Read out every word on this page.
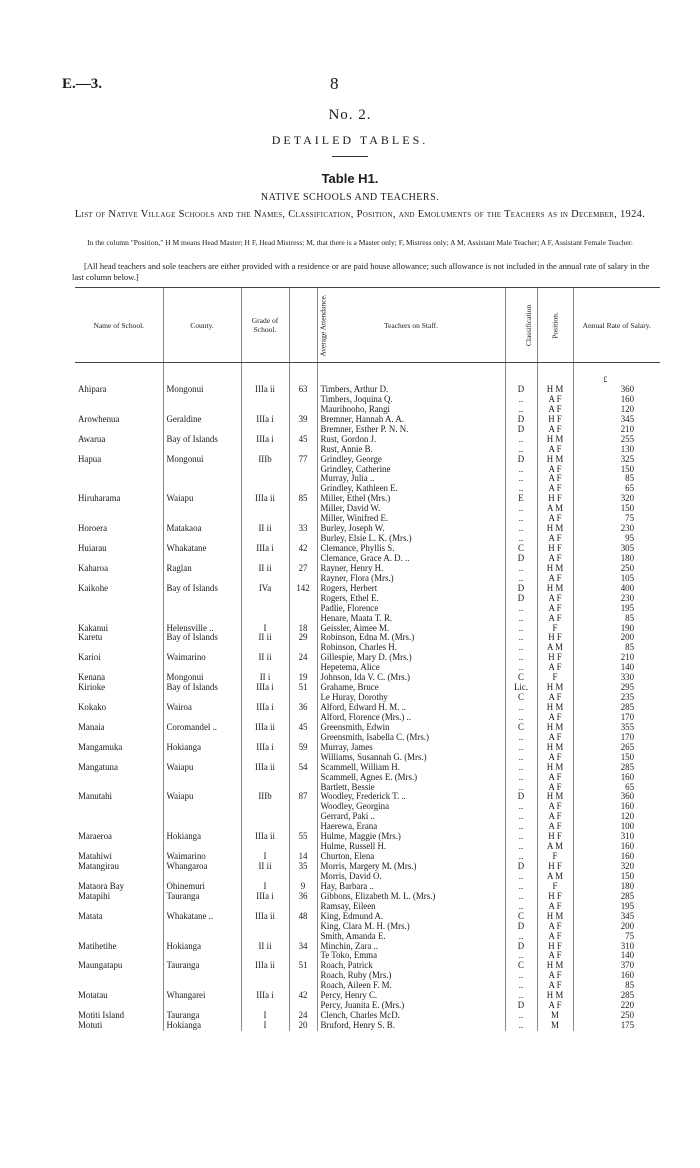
E.—3.	8
No. 2.
DETAILED TABLES.
Table H1.
NATIVE SCHOOLS AND TEACHERS.
List of Native Village Schools and the Names, Classification, Position, and Emoluments of the Teachers as in December, 1924.
In the column "Position," H M means Head Master; H F, Head Mistress; M, that there is a Master only; F, Mistress only; A M, Assistant Male Teacher; A F, Assistant Female Teacher.
[All head teachers and sole teachers are either provided with a residence or are paid house allowance; such allowance is not included in the annual rate of salary in the last column below.]
Name of School.	County.	Grade of School.	Average Attendance.	Teachers on Staff.	Classification	Position.	Annual Rate of Salary.
							£
Ahipara	Mongonui	IIIa ii	63	Timbers, Arthur D.	D	H M	360
				Timbers, Joquina Q.	..	A F	160
				Maurihooho, Rangi	..	A F	120
Arowhenua	Geraldine	IIIa i	39	Bremner, Hannah A. A.	D	H F	345
				Bremner, Esther P. N. N.	D	A F	210
Awarua	Bay of Islands	IIIa i	45	Rust, Gordon J.	..	H M	255
				Rust, Annie B.	..	A F	130
Hapua	Mongonui	IIIb	77	Grindley, George	D	H M	325
				Grindley, Catherine	..	A F	150
				Murray, Julia ..	..	A F	85
				Grindley, Kathleen E.	..	A F	65
Hiruharama	Waiapu	IIIa ii	85	Miller, Ethel (Mrs.)	E	H F	320
				Miller, David W.	..	A M	150
				Miller, Winifred E.	..	A F	75
Horoera	Matakaoa	II ii	33	Burley, Joseph W.	..	H M	230
				Burley, Elsie L. K. (Mrs.)	..	A F	95
Huiarau	Whakatane	IIIa i	42	Clemance, Phyllis S.	C	H F	305
				Clemance, Grace A. D. ..	D	A F	180
Kaharoa	Raglan	II ii	27	Rayner, Henry H.	..	H M	250
				Rayner, Flora (Mrs.)	..	A F	105
Kaikohe	Bay of Islands	IVa	142	Rogers, Herbert	D	H M	400
				Rogers, Ethel E.	D	A F	230
				Padlie, Florence	..	A F	195
				Henare, Maata T. R.	..	A F	85
Kakanui	Helensville ..	I	18	Geissler, Aimee M.	..	F	190
Karetu	Bay of Islands	II ii	29	Robinson, Edna M. (Mrs.)	..	H F	200
				Robinson, Charles H.	..	A M	85
Karioi	Waimarino	II ii	24	Gillespie, Mary D. (Mrs.)	..	H F	210
				Hepetema, Alice	..	A F	140
Kenana	Mongonui	II i	19	Johnson, Ida V. C. (Mrs.)	C	F	330
Kirioke	Bay of Islands	IIIa i	51	Grahame, Bruce	Lic.	H M	295
				Le Huray, Dorothy	C	A F	235
Kokako	Wairoa	IIIa i	36	Alford, Edward H. M. ..	..	H M	285
				Alford, Florence (Mrs.) ..	..	A F	170
Manaia	Coromandel ..	IIIa ii	45	Greensmith, Edwin	C	H M	355
				Greensmith, Isabella C. (Mrs.)	..	A F	170
Mangamuka	Hokianga	IIIa i	59	Murray, James	..	H M	265
				Williams, Susannah G. (Mrs.)	..	A F	150
Mangatuna	Waiapu	IIIa ii	54	Scammell, William H.	..	H M	285
				Scammell, Agnes E. (Mrs.)	..	A F	160
				Bartlett, Bessie	..	A F	65
Manutahi	Waiapu	IIIb	87	Woodley, Frederick T. ..	D	H M	360
				Woodley, Georgina	..	A F	160
				Gerrard, Paki ..	..	A F	120
				Haerewa, Erana	..	A F	100
Maraeroa	Hokianga	IIIa ii	55	Hulme, Maggie (Mrs.)	..	H F	310
				Hulme, Russell H.	..	A M	160
Matahiwi	Waimarino	I	14	Churton, Elena	..	F	160
Matangirau	Whangaroa	II ii	35	Morris, Margery M. (Mrs.)	D	H F	320
				Morris, David O.	..	A M	150
Mataora Bay	Ohinemuri	I	9	Hay, Barbara ..	..	F	180
Matapihi	Tauranga	IIIa i	36	Gibbons, Elizabeth M. L. (Mrs.)	..	H F	285
				Ramsay, Eileen	..	A F	195
Matata	Whakatane ..	IIIa ii	48	King, Edmund A.	C	H M	345
				King, Clara M. H. (Mrs.)	D	A F	200
				Smith, Amanda E.	..	A F	75
Matihetihe	Hokianga	II ii	34	Minchin, Zara ..	D	H F	310
				Te Toko, Emma	..	A F	140
Maungatapu	Tauranga	IIIa ii	51	Roach, Patrick	C	H M	370
				Roach, Ruby (Mrs.)	..	A F	160
				Roach, Aileen F. M.	..	A F	85
Motatau	Whangarei	IIIa i	42	Percy, Henry C.	..	H M	285
				Percy, Juanita E. (Mrs.)	D	A F	220
Motiti Island	Tauranga	I	24	Clench, Charles McD.	..	M	250
Motuti	Hokianga	I	20	Bruford, Henry S. B.	..	M	175
